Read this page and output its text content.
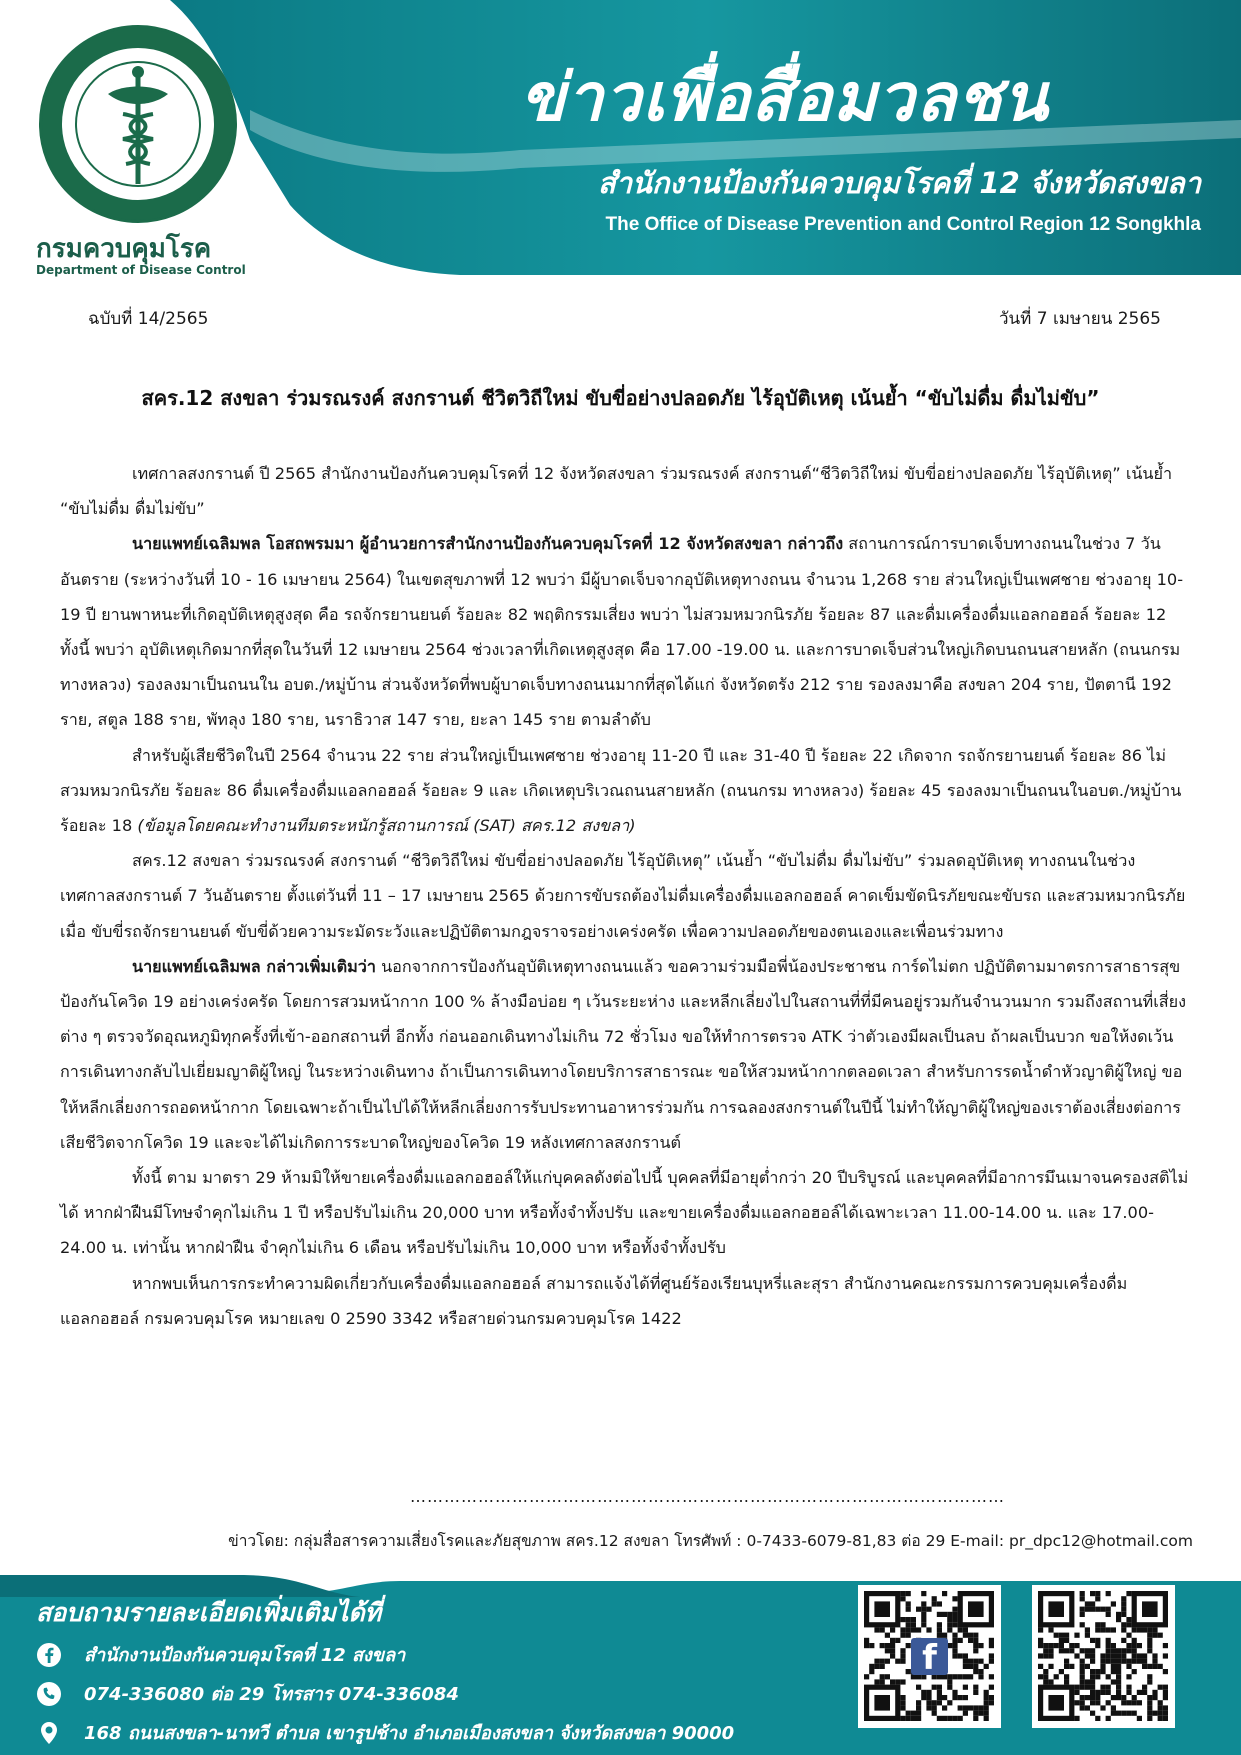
กรมควบคุมโรค
Department of Disease Control
ข่าวเพื่อสื่อมวลชน
สำนักงานป้องกันควบคุมโรคที่ 12 จังหวัดสงขลา
The Office of Disease Prevention and Control Region 12 Songkhla
ฉบับที่ 14/2565	วันที่ 7 เมษายน 2565
สคร.12 สงขลา ร่วมรณรงค์ สงกรานต์ ชีวิตวิถีใหม่ ขับขี่อย่างปลอดภัย ไร้อุบัติเหตุ เน้นย้ำ “ขับไม่ดื่ม ดื่มไม่ขับ”

เทศกาลสงกรานต์ ปี 2565 สำนักงานป้องกันควบคุมโรคที่ 12 จังหวัดสงขลา ร่วมรณรงค์ สงกรานต์“ชีวิตวิถีใหม่ ขับขี่อย่างปลอดภัย ไร้อุบัติเหตุ” เน้นย้ำ “ขับไม่ดื่ม ดื่มไม่ขับ”

นายแพทย์เฉลิมพล โอสถพรมมา ผู้อำนวยการสำนักงานป้องกันควบคุมโรคที่ 12 จังหวัดสงขลา กล่าวถึง สถานการณ์การบาดเจ็บทางถนนในช่วง 7 วันอันตราย (ระหว่างวันที่ 10 - 16 เมษายน 2564) ในเขตสุขภาพที่ 12 พบว่า มีผู้บาดเจ็บจากอุบัติเหตุทางถนน จำนวน 1,268 ราย ส่วนใหญ่เป็นเพศชาย ช่วงอายุ 10-19 ปี ยานพาหนะที่เกิดอุบัติเหตุสูงสุด คือ รถจักรยานยนต์ ร้อยละ 82 พฤติกรรมเสี่ยง พบว่า ไม่สวมหมวกนิรภัย ร้อยละ 87 และดื่มเครื่องดื่มแอลกอฮอล์ ร้อยละ 12 ทั้งนี้ พบว่า อุบัติเหตุเกิดมากที่สุดในวันที่ 12 เมษายน 2564 ช่วงเวลาที่เกิดเหตุสูงสุด คือ 17.00 -19.00 น. และการบาดเจ็บส่วนใหญ่เกิดบนถนนสายหลัก (ถนนกรมทางหลวง) รองลงมาเป็นถนนใน อบต./หมู่บ้าน ส่วนจังหวัดที่พบผู้บาดเจ็บทางถนนมากที่สุดได้แก่ จังหวัดตรัง 212 ราย รองลงมาคือ สงขลา 204 ราย, ปัตตานี 192 ราย, สตูล 188 ราย, พัทลุง 180 ราย, นราธิวาส 147 ราย, ยะลา 145 ราย ตามลำดับ

สำหรับผู้เสียชีวิตในปี 2564 จำนวน 22 ราย ส่วนใหญ่เป็นเพศชาย ช่วงอายุ 11-20 ปี และ 31-40 ปี ร้อยละ 22 เกิดจาก รถจักรยานยนต์ ร้อยละ 86 ไม่สวมหมวกนิรภัย ร้อยละ 86 ดื่มเครื่องดื่มแอลกอฮอล์ ร้อยละ 9 และ เกิดเหตุบริเวณถนนสายหลัก (ถนนกรม ทางหลวง) ร้อยละ 45 รองลงมาเป็นถนนในอบต./หมู่บ้าน ร้อยละ 18 (ข้อมูลโดยคณะทำงานทีมตระหนักรู้สถานการณ์ (SAT) สคร.12 สงขลา)

สคร.12 สงขลา ร่วมรณรงค์ สงกรานต์ “ชีวิตวิถีใหม่ ขับขี่อย่างปลอดภัย ไร้อุบัติเหตุ” เน้นย้ำ “ขับไม่ดื่ม ดื่มไม่ขับ” ร่วมลดอุบัติเหตุ ทางถนนในช่วงเทศกาลสงกรานต์ 7 วันอันตราย ตั้งแต่วันที่ 11 – 17 เมษายน 2565 ด้วยการขับรถต้องไม่ดื่มเครื่องดื่มแอลกอฮอล์ คาดเข็มขัดนิรภัยขณะขับรถ และสวมหมวกนิรภัยเมื่อ ขับขี่รถจักรยานยนต์ ขับขี่ด้วยความระมัดระวังและปฏิบัติตามกฎจราจรอย่างเคร่งครัด เพื่อความปลอดภัยของตนเองและเพื่อนร่วมทาง

นายแพทย์เฉลิมพล กล่าวเพิ่มเติมว่า นอกจากการป้องกันอุบัติเหตุทางถนนแล้ว ขอความร่วมมือพี่น้องประชาชน การ์ดไม่ตก ปฏิบัติตามมาตรการสาธารสุขป้องกันโควิด 19 อย่างเคร่งครัด โดยการสวมหน้ากาก 100 % ล้างมือบ่อย ๆ เว้นระยะห่าง และหลีกเลี่ยงไปในสถานที่ที่มีคนอยู่รวมกันจำนวนมาก รวมถึงสถานที่เสี่ยงต่าง ๆ ตรวจวัดอุณหภูมิทุกครั้งที่เข้า-ออกสถานที่ อีกทั้ง ก่อนออกเดินทางไม่เกิน 72 ชั่วโมง ขอให้ทำการตรวจ ATK ว่าตัวเองมีผลเป็นลบ ถ้าผลเป็นบวก ขอให้งดเว้นการเดินทางกลับไปเยี่ยมญาติผู้ใหญ่ ในระหว่างเดินทาง ถ้าเป็นการเดินทางโดยบริการสาธารณะ ขอให้สวมหน้ากากตลอดเวลา สำหรับการรดน้ำดำหัวญาติผู้ใหญ่ ขอให้หลีกเลี่ยงการถอดหน้ากาก โดยเฉพาะถ้าเป็นไปได้ให้หลีกเลี่ยงการรับประทานอาหารร่วมกัน การฉลองสงกรานต์ในปีนี้ ไม่ทำให้ญาติผู้ใหญ่ของเราต้องเสี่ยงต่อการเสียชีวิตจากโควิด 19 และจะได้ไม่เกิดการระบาดใหญ่ของโควิด 19 หลังเทศกาลสงกรานต์

ทั้งนี้ ตาม มาตรา 29 ห้ามมิให้ขายเครื่องดื่มแอลกอฮอล์ให้แก่บุคคลดังต่อไปนี้ บุคคลที่มีอายุต่ำกว่า 20 ปีบริบูรณ์ และบุคคลที่มีอาการมึนเมาจนครองสติไม่ได้ หากฝ่าฝืนมีโทษจำคุกไม่เกิน 1 ปี หรือปรับไม่เกิน 20,000 บาท หรือทั้งจำทั้งปรับ และขายเครื่องดื่มแอลกอฮอล์ได้เฉพาะเวลา 11.00-14.00 น. และ 17.00-24.00 น. เท่านั้น หากฝ่าฝืน จำคุกไม่เกิน 6 เดือน หรือปรับไม่เกิน 10,000 บาท หรือทั้งจำทั้งปรับ

หากพบเห็นการกระทำความผิดเกี่ยวกับเครื่องดื่มแอลกอฮอล์ สามารถแจ้งได้ที่ศูนย์ร้องเรียนบุหรี่และสุรา สำนักงานคณะกรรมการควบคุมเครื่องดื่มแอลกอฮอล์ กรมควบคุมโรค หมายเลข 0 2590 3342 หรือสายด่วนกรมควบคุมโรค 1422

……………………………………………………………………………………………
ข่าวโดย: กลุ่มสื่อสารความเสี่ยงโรคและภัยสุขภาพ สคร.12 สงขลา โทรศัพท์ : 0-7433-6079-81,83 ต่อ 29 E-mail: pr_dpc12@hotmail.com
สอบถามรายละเอียดเพิ่มเติมได้ที่
สำนักงานป้องกันควบคุมโรคที่ 12 สงขลา
074-336080 ต่อ 29 โทรสาร 074-336084
168 ถนนสงขลา-นาทวี ตำบล เขารูปช้าง อำเภอเมืองสงขลา จังหวัดสงขลา 90000
f
